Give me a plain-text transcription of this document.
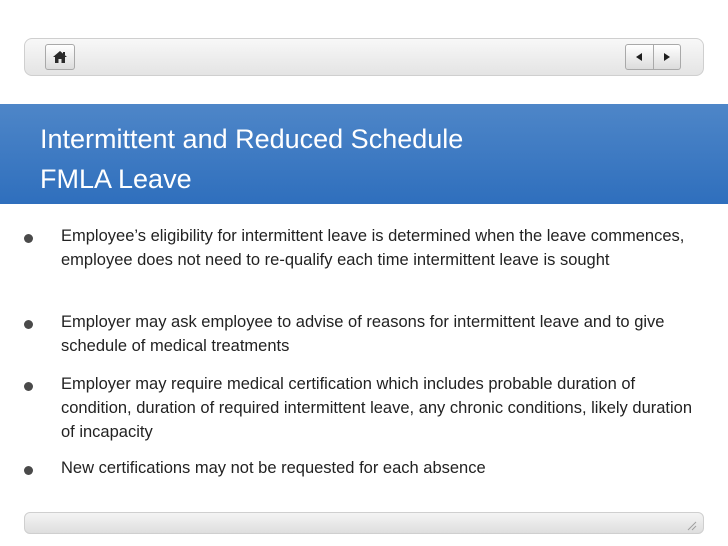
Intermittent and Reduced Schedule
FMLA Leave
Employee’s eligibility for intermittent leave is determined when the leave commences, employee does not need to re-qualify each time intermittent leave is sought
Employer may ask employee to advise of reasons for intermittent leave and to give schedule of medical treatments
Employer may require medical certification which includes probable duration of condition, duration of required intermittent leave, any chronic conditions, likely duration of incapacity
New certifications may not be requested for each absence
